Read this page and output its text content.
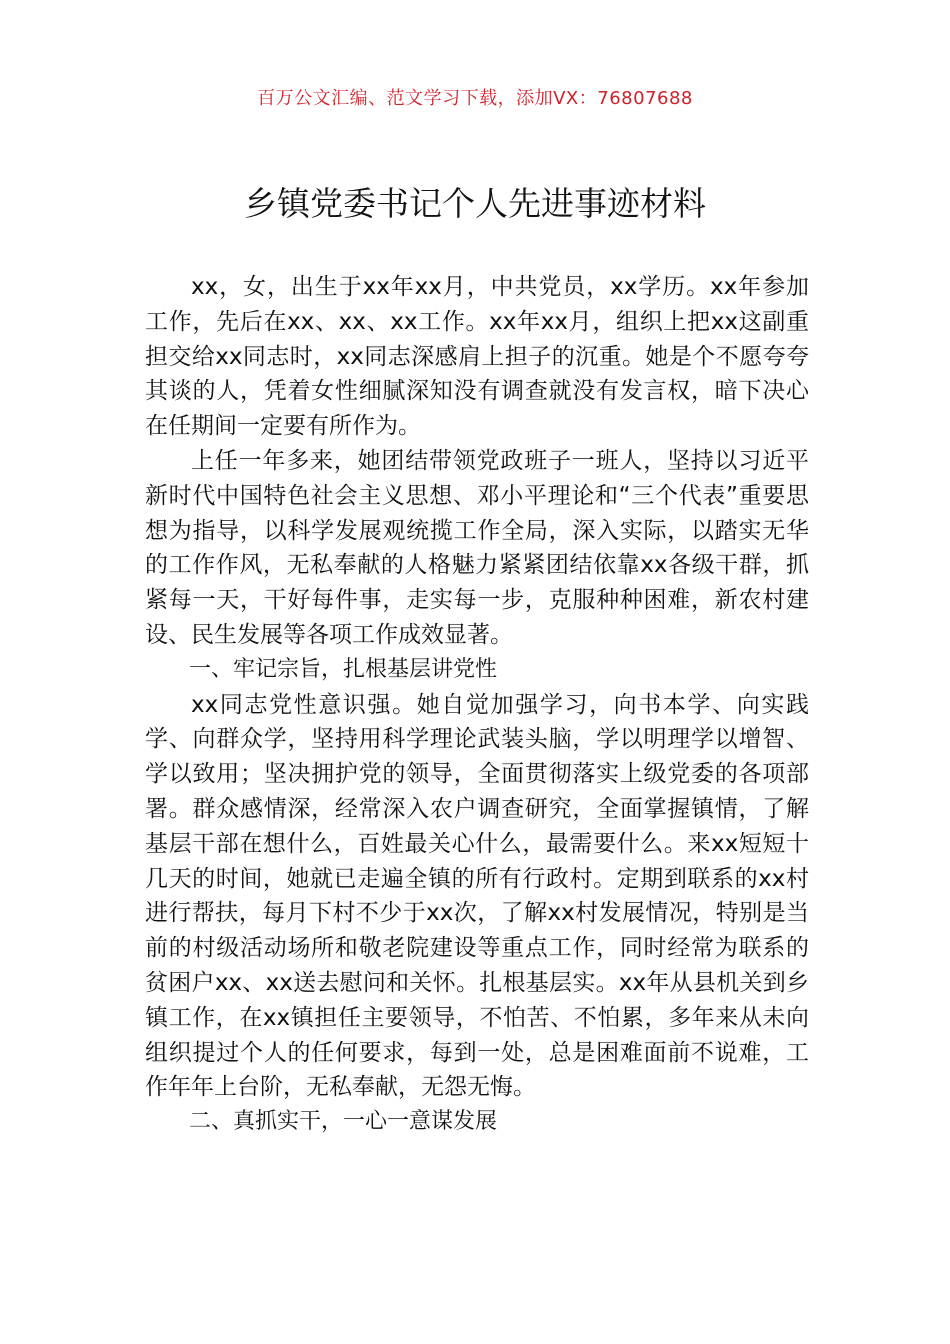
百万公文汇编、范文学习下载，添加VX：76807688
乡镇党委书记个人先进事迹材料

xx，女，出生于xx年xx月，中共党员，xx学历。xx年参加工作，先后在xx、xx、xx工作。xx年xx月，组织上把xx这副重担交给xx同志时，xx同志深感肩上担子的沉重。她是个不愿夸夸其谈的人，凭着女性细腻深知没有调查就没有发言权，暗下决心在任期间一定要有所作为。

上任一年多来，她团结带领党政班子一班人，坚持以习近平新时代中国特色社会主义思想、邓小平理论和“三个代表”重要思想为指导，以科学发展观统揽工作全局，深入实际，以踏实无华的工作作风，无私奉献的人格魅力紧紧团结依靠xx各级干群，抓紧每一天，干好每件事，走实每一步，克服种种困难，新农村建设、民生发展等各项工作成效显著。

一、牢记宗旨，扎根基层讲党性

xx同志党性意识强。她自觉加强学习，向书本学、向实践学、向群众学，坚持用科学理论武装头脑，学以明理学以增智、学以致用；坚决拥护党的领导，全面贯彻落实上级党委的各项部署。群众感情深，经常深入农户调查研究，全面掌握镇情，了解基层干部在想什么，百姓最关心什么，最需要什么。来xx短短十几天的时间，她就已走遍全镇的所有行政村。定期到联系的xx村进行帮扶，每月下村不少于xx次，了解xx村发展情况，特别是当前的村级活动场所和敬老院建设等重点工作，同时经常为联系的贫困户xx、xx送去慰问和关怀。扎根基层实。xx年从县机关到乡镇工作，在xx镇担任主要领导，不怕苦、不怕累，多年来从未向组织提过个人的任何要求，每到一处，总是困难面前不说难，工作年年上台阶，无私奉献，无怨无悔。

二、真抓实干，一心一意谋发展
